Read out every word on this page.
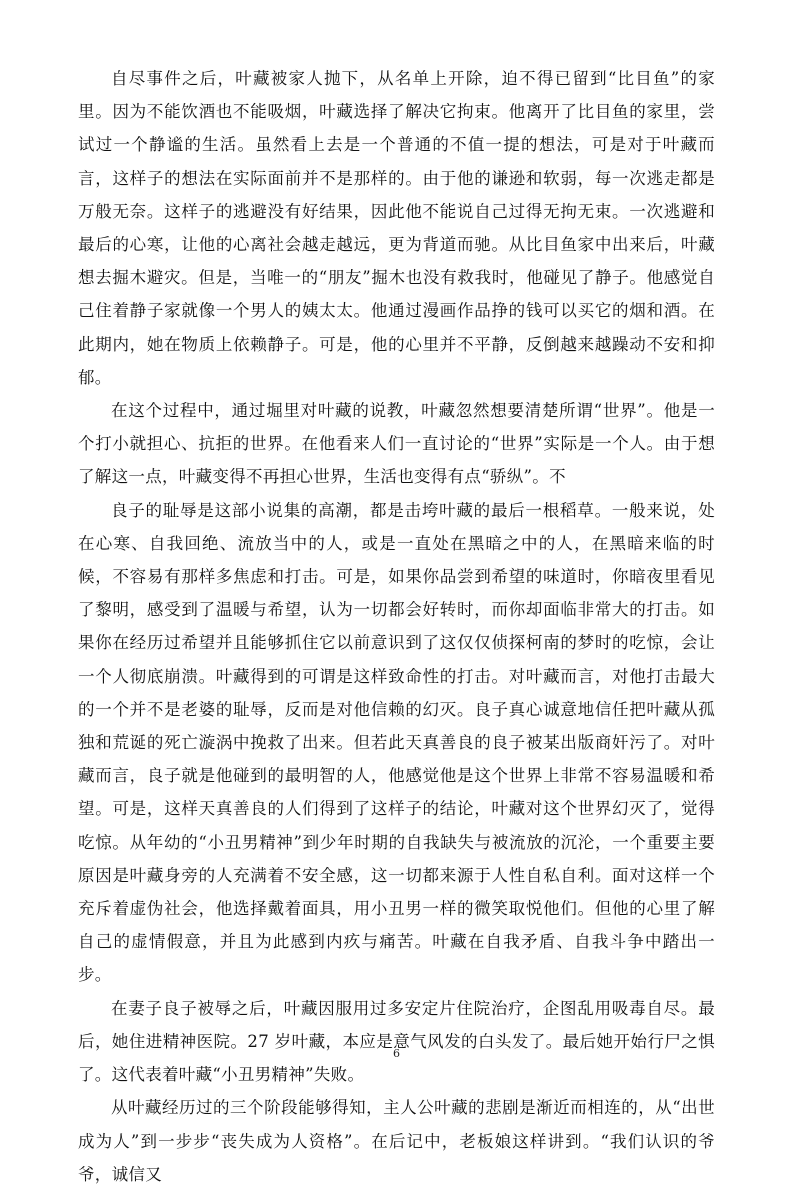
自尽事件之后，叶藏被家人抛下，从名单上开除，迫不得已留到“比目鱼”的家里。因为不能饮酒也不能吸烟，叶藏选择了解决它拘束。他离开了比目鱼的家里，尝试过一个静谧的生活。虽然看上去是一个普通的不值一提的想法，可是对于叶藏而言，这样子的想法在实际面前并不是那样的。由于他的谦逊和软弱，每一次逃走都是万般无奈。这样子的逃避没有好结果，因此他不能说自己过得无拘无束。一次逃避和最后的心寒，让他的心离社会越走越远，更为背道而驰。从比目鱼家中出来后，叶藏想去掘木避灾。但是，当唯一的“朋友”掘木也没有救我时，他碰见了静子。他感觉自己住着静子家就像一个男人的姨太太。他通过漫画作品挣的钱可以买它的烟和酒。在此期内，她在物质上依赖静子。可是，他的心里并不平静，反倒越来越躁动不安和抑郁。

在这个过程中，通过堀里对叶藏的说教，叶藏忽然想要清楚所谓“世界”。他是一个打小就担心、抗拒的世界。在他看来人们一直讨论的“世界”实际是一个人。由于想了解这一点，叶藏变得不再担心世界，生活也变得有点“骄纵”。不

良子的耻辱是这部小说集的高潮，都是击垮叶藏的最后一根稻草。一般来说，处在心寒、自我回绝、流放当中的人，或是一直处在黑暗之中的人，在黑暗来临的时候，不容易有那样多焦虑和打击。可是，如果你品尝到希望的味道时，你暗夜里看见了黎明，感受到了温暖与希望，认为一切都会好转时，而你却面临非常大的打击。如果你在经历过希望并且能够抓住它以前意识到了这仅仅侦探柯南的梦时的吃惊，会让一个人彻底崩溃。叶藏得到的可谓是这样致命性的打击。对叶藏而言，对他打击最大的一个并不是老婆的耻辱，反而是对他信赖的幻灭。良子真心诚意地信任把叶藏从孤独和荒诞的死亡漩涡中挽救了出来。但若此天真善良的良子被某出版商奸污了。对叶藏而言，良子就是他碰到的最明智的人，他感觉他是这个世界上非常不容易温暖和希望。可是，这样天真善良的人们得到了这样子的结论，叶藏对这个世界幻灭了，觉得吃惊。从年幼的“小丑男精神”到少年时期的自我缺失与被流放的沉沦，一个重要主要原因是叶藏身旁的人充满着不安全感，这一切都来源于人性自私自利。面对这样一个充斥着虚伪社会，他选择戴着面具，用小丑男一样的微笑取悦他们。但他的心里了解自己的虚情假意，并且为此感到内疚与痛苦。叶藏在自我矛盾、自我斗争中踏出一步。

在妻子良子被辱之后，叶藏因服用过多安定片住院治疗，企图乱用吸毒自尽。最后，她住进精神医院。27 岁叶藏，本应是意气风发的白头发了。最后她开始行尸之惧了。这代表着叶藏“小丑男精神”失败。

从叶藏经历过的三个阶段能够得知，主人公叶藏的悲剧是渐近而相连的，从“出世成为人”到一步步“丧失成为人资格”。在后记中，老板娘这样讲到。“我们认识的爷爷，诚信又

6
